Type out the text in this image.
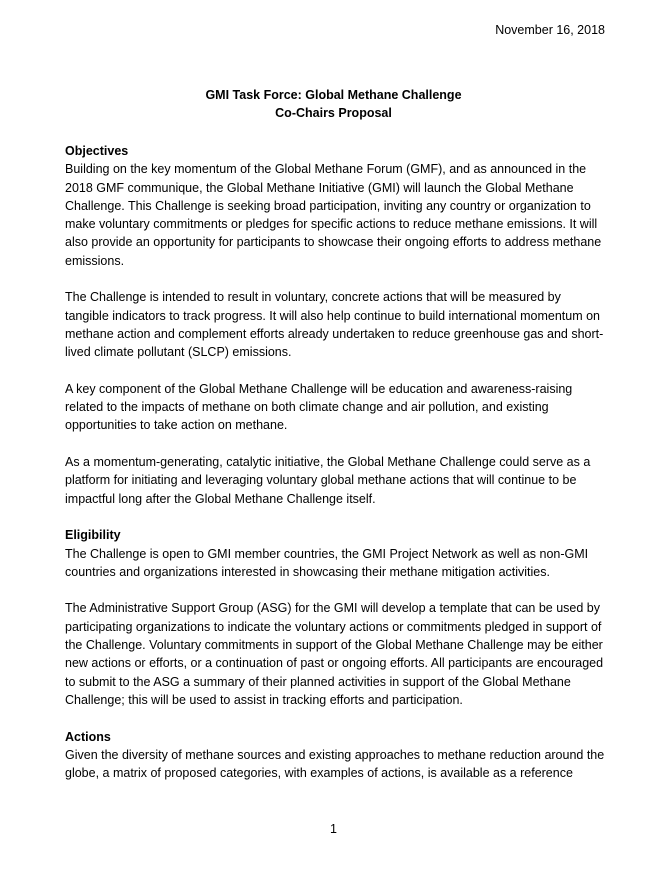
November 16, 2018
GMI Task Force: Global Methane Challenge
Co-Chairs Proposal

Objectives

Building on the key momentum of the Global Methane Forum (GMF), and as announced in the 2018 GMF communique, the Global Methane Initiative (GMI) will launch the Global Methane Challenge. This Challenge is seeking broad participation, inviting any country or organization to make voluntary commitments or pledges for specific actions to reduce methane emissions. It will also provide an opportunity for participants to showcase their ongoing efforts to address methane emissions.

The Challenge is intended to result in voluntary, concrete actions that will be measured by tangible indicators to track progress. It will also help continue to build international momentum on methane action and complement efforts already undertaken to reduce greenhouse gas and short-lived climate pollutant (SLCP) emissions.

A key component of the Global Methane Challenge will be education and awareness-raising related to the impacts of methane on both climate change and air pollution, and existing opportunities to take action on methane.

As a momentum-generating, catalytic initiative, the Global Methane Challenge could serve as a platform for initiating and leveraging voluntary global methane actions that will continue to be impactful long after the Global Methane Challenge itself.

Eligibility

The Challenge is open to GMI member countries, the GMI Project Network as well as non-GMI countries and organizations interested in showcasing their methane mitigation activities.

The Administrative Support Group (ASG) for the GMI will develop a template that can be used by participating organizations to indicate the voluntary actions or commitments pledged in support of the Challenge. Voluntary commitments in support of the Global Methane Challenge may be either new actions or efforts, or a continuation of past or ongoing efforts. All participants are encouraged to submit to the ASG a summary of their planned activities in support of the Global Methane Challenge; this will be used to assist in tracking efforts and participation.

Actions

Given the diversity of methane sources and existing approaches to methane reduction around the globe, a matrix of proposed categories, with examples of actions, is available as a reference

1
